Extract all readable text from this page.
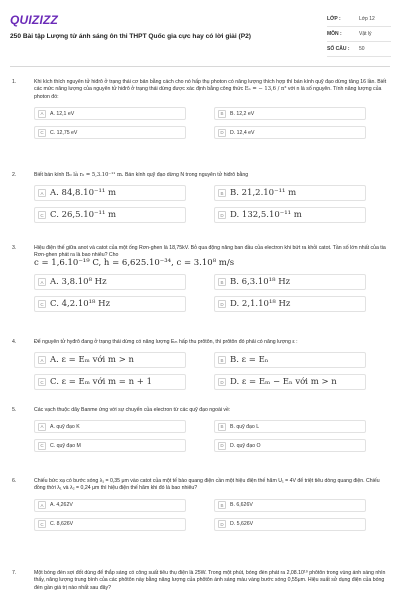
QUIZIZZ
250 Bài tập Lượng tử ánh sáng ôn thi THPT Quốc gia cực hay có lời giải (P2)
LỚP :	Lớp 12
MÔN :	Vật lý
SỐ CÂU :	50
1.	Khi kích thích nguyên tử hiđrô ở trạng thái cơ bản bằng cách cho nó hấp thụ photon có năng lượng thích hợp thì bán kính quỹ đạo dừng tăng 16 lần. Biết các mức năng lượng của nguyên tử hiđrô ở trạng thái dừng được xác định bằng công thức Eₙ = − 13,6 / n² với n là số nguyên. Tính năng lượng của photon đó:
A	A. 12,1 eV	B	B. 12,2 eV
C	C. 12,75 eV	D	D. 12,4 eV
2.	Biết bán kính B₀ là r₀ = 5,3.10⁻¹¹ m. Bán kính quỹ đạo dừng N trong nguyên tử hiđrô bằng
A A. 84,8.10⁻¹¹ m	B B. 21,2.10⁻¹¹ m
C C. 26,5.10⁻¹¹ m	D D. 132,5.10⁻¹¹ m
3.	Hiệu điện thế giữa anot và catot của một ống Rơn-ghen là 18,75kV. Bỏ qua động năng ban đầu của electron khi bứt ra khỏi catot. Tần số lớn nhất của tia Rơn-ghen phát ra là bao nhiêu? Cho
c = 1,6.10⁻¹⁹ C, h = 6,625.10⁻³⁴, c = 3.10⁸ m/s
A A. 3,8.10⁸ Hz	B B. 6,3.10¹⁸ Hz
C C. 4,2.10¹⁸ Hz	D D. 2,1.10¹⁸ Hz
4.	Để nguyên tử hyđrô đang ở trạng thái dừng có năng lượng Eₘ hấp thu prôtôn, thì prôtôn đó phải có năng lượng ε :
A A. ε = Eₘ với m > n	B B. ε = Eₙ
C C. ε = Eₘ với m = n + 1	D D. ε = Eₘ − Eₙ với m > n
5.	Các vạch thuộc dãy Banme ứng với sự chuyển của electron từ các quỹ đạo ngoài về:
A	A. quỹ đạo K	B	B. quỹ đạo L
C	C. quỹ đạo M	D	D. quỹ đạo O
6.	Chiếu bức xạ có bước sóng λ₁ = 0,35 μm vào catot của một tế bào quang điện cần một hiệu điện thế hãm U₁ = 4V để triệt tiêu dòng quang điện. Chiếu đồng thời λ₁ và λ₂ = 0,24 μm thì hiệu điện thế hãm khi đó là bao nhiêu?
A	A. 4,262V	B	B. 6,626V
C	C. 8,626V	D	D. 5,626V
7.	Một bóng đèn sợi đốt dùng để thắp sáng có công suất tiêu thụ điện là 25W. Trong một phút, bóng đèn phát ra 2,08.10¹⁹ phôtôn trong vùng ánh sáng nhìn thấy, năng lượng trung bình của các phôtôn này bằng năng lượng của phôtôn ánh sáng màu vàng bước sóng 0,55μm. Hiệu suất sử dụng điện của bóng đèn gần giá trị nào nhất sau đây?
